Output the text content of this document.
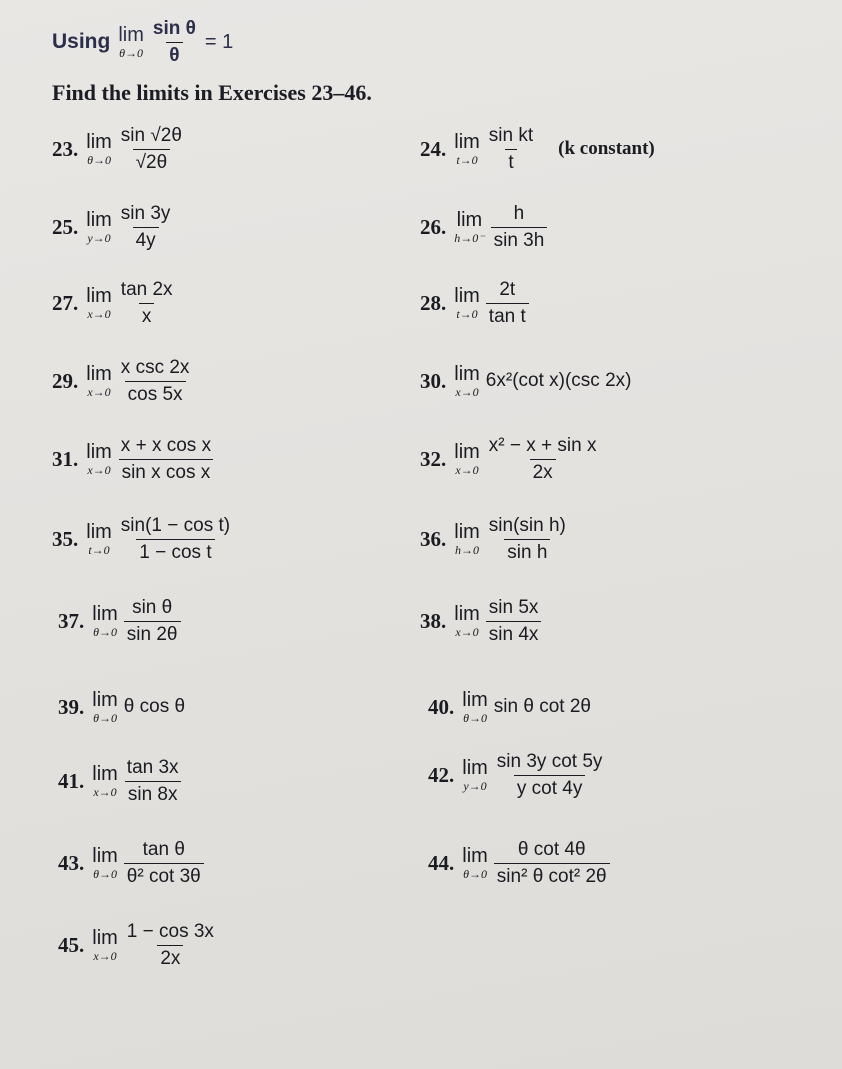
Using lim
$\theta\to 0 \frac{\text{sin θ}}{\theta} = 1$
Find the limits in Exercises 23–46.
23. lim
$\theta\to 0 \frac{\sin √2\theta}{√2\theta}$	24. lim
$t\to 0 \frac{\text{sin kt}}{t} (k$ constant)
25. lim
$y\to 0 \frac{\sin 3y}{4y}$	26. lim
$h\to 0^- \frac{h}{\sin 3h}$
27. lim
$x\to 0 \frac{\tan 2x}{x}$	28. lim
$t\to 0 \frac{2t}{\text{tan t}}$
29. lim
$x\to 0 \frac{\text{x csc 2x}}{\cos 5x}$	30. lim
x→0
6x²(cot x)(csc 2x)
31. lim
$x\to 0 \frac{\text{x + x cos x}}{\text{sin x cos x}}$	32. lim
$x\to 0 \frac{\text{x² − x + sin x}}{2x}$
35. lim
$t\to 0 \frac{\text{sin(1 − cos t)}}{\text{1 − cos t}}$	36. lim
$h\to 0 \frac{\text{sin(sin h)}}{\text{sin h}}$
37. lim
$\theta\to 0 \frac{\text{sin θ}}{\sin 2\theta}$	38. lim
$x\to 0 \frac{\sin 5x}{\sin 4x}$
39. lim
θ→0
θ cos θ	40. lim
θ→0
sin θ cot 2θ
41. lim
$x\to 0 \frac{\tan 3x}{\sin 8x}$	42. lim
$y\to 0 \frac{\text{sin 3y cot 5y}}{\text{y cot 4y}}$
43. lim
$\theta\to 0 \frac{\text{tan θ}}{\text{θ² cot 3θ}}$	44. lim
$\theta\to 0 \frac{\text{θ cot 4θ}}{\text{sin² θ cot² 2θ}}$
45. lim
$x\to 0 \frac{1 - \cos 3x}{2x}$
